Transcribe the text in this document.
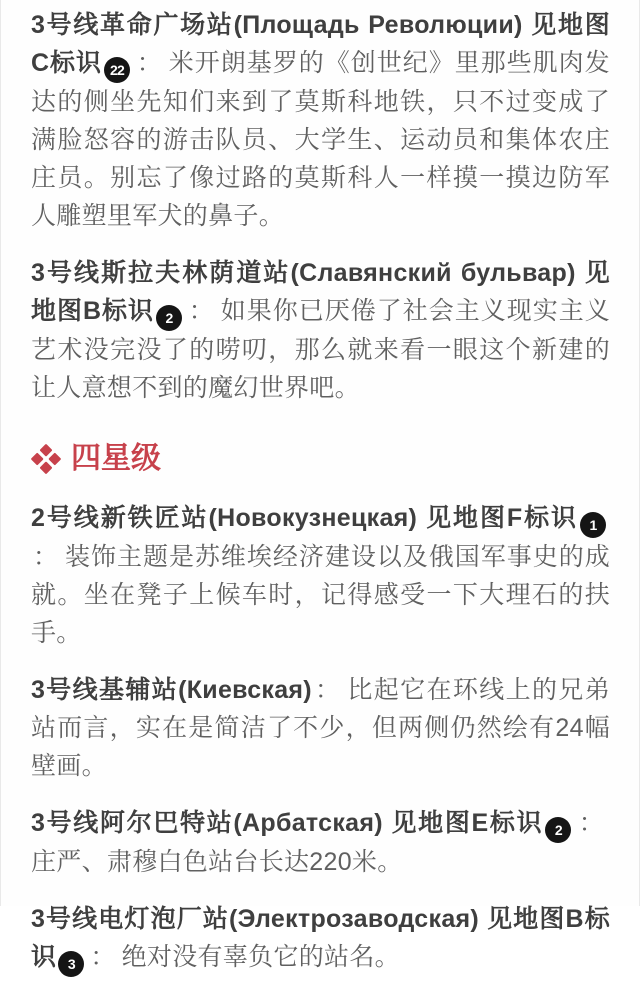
3号线革命广场站(Площадь Революции) 见地图C标识 22 ： 米开朗基罗的《创世纪》里那些肌肉发达的侧坐先知们来到了莫斯科地铁，只不过变成了满脸怒容的游击队员、大学生、运动员和集体农庄庄员。别忘了像过路的莫斯科人一样摸一摸边防军人雕塑里军犬的鼻子。

3号线斯拉夫林荫道站(Славянский бульвар) 见地图B标识 2 ： 如果你已厌倦了社会主义现实主义艺术没完没了的唠叨，那么就来看一眼这个新建的让人意想不到的魔幻世界吧。

四星级

2号线新铁匠站(Новокузнецкая) 见地图F标识 1： 装饰主题是苏维埃经济建设以及俄国军事史的成就。坐在凳子上候车时，记得感受一下大理石的扶手。

3号线基辅站(Киевская)： 比起它在环线上的兄弟站而言，实在是简洁了不少，但两侧仍然绘有24幅壁画。

3号线阿尔巴特站(Арбатская) 见地图E标识 2 ：庄严、肃穆白色站台长达220米。

3号线电灯泡厂站(Электрозаводская) 见地图B标识 3 ： 绝对没有辜负它的站名。
